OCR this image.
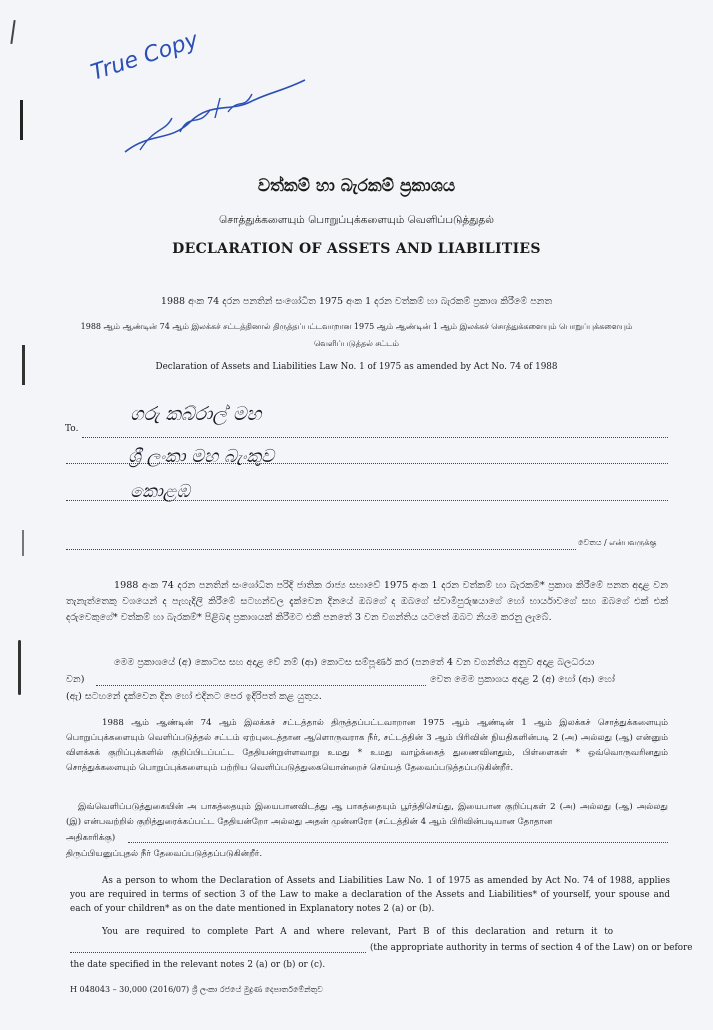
True Copy
වත්කම් හා බැරකම් ප්‍රකාශය
சொத்துக்களையும் பொறுப்புக்களையும் வெளிப்படுத்துதல்
DECLARATION OF ASSETS AND LIABILITIES
1988 අංක 74 දරන පනතින් සංශෝධිත 1975 අංක 1 දරන වත්කම් හා බැරකම් ප්‍රකාශ කිරීමේ පනත
1988 ஆம் ஆண்டின் 74 ஆம் இலக்கச் சட்டத்தினால் திருத்தப்பட்டவாறான 1975 ஆம் ஆண்டின் 1 ஆம் இலக்கச் சொத்துக்களையும் பொறுப்புக்களையும்
வெளிப்படுத்தல் சட்டம்
Declaration of Assets and Liabilities Law No. 1 of 1975 as amended by Act No. 74 of 1988
To.
ගරු කබ්රාල් මහ
ශ්‍රී ලංකා මහ බැංකුව
කොළඹ
වෙතය / என்பவருக்கு
1988 අංක 74 දරන පනතින් සංශෝධිත පරිදි ජාතික රාජ්‍ය සභාවේ 1975 අංක 1 දරන වත්කම් හා බැරකම්* ප්‍රකාශ කිරීමේ පනත අදාළ වන තැනැත්තෙකු වශයෙන් ද පැහැදිලි කිරීමේ සටහන්වල දැක්වෙන දිනයේ ඔබගේ ද ඔබගේ ස්වාමිපුරුෂයාගේ හෝ භාර්යාවගේ සහ ඔබගේ එක් එක් දරුවෙකුගේ* වත්කම් හා බැරකම්* පිළිබඳ ප්‍රකාශයක් කිරීමට එකී පනතේ 3 වන වගන්තිය යටතේ ඔබට නියම කරනු ලැබේ.
මෙම ප්‍රකාශයේ (අ) කොටස සහ අදාළ වේ නම් (ආ) කොටස සම්පූර්ණ කර (පනතේ 4 වන වගන්තිය අනුව අදාළ බලධරයා
වන)	වෙත මෙම ප්‍රකාශය අදාළ 2 (අ) හෝ (ආ) හෝ
(ඇ) සටහනේ දැක්වෙන දින හෝ එදිනට පෙර ඉදිරිපත් කළ යුතුය.
1988 ஆம் ஆண்டின் 74 ஆம் இலக்கச் சட்டத்தால் திருத்தப்பட்டவாறான 1975 ஆம் ஆண்டின் 1 ஆம் இலக்கச் சொத்துக்களையும் பொறுப்புக்களையும் வெளிப்படுத்தல் சட்டம் ஏற்புடைத்தான ஆளொருவராக நீர், சட்டத்தின் 3 ஆம் பிரிவின் நியதிகளின்படி 2 (அ) அல்லது (ஆ) என்னும் விளக்கக் குறிப்புக்களில் குறிப்பிடப்பட்ட தேதியன்றுள்ளவாறு உமது * உமது வாழ்க்கைத் துணைவினதும், பிள்ளைகள் * ஒவ்வொருவரினதும் சொத்துக்களையும் பொறுப்புக்களையும் பற்றிய வெளிப்படுத்துகையொன்றைச் செய்யத் தேவைப்படுத்தப்படுகின்றீர்.
இவ்வெளிப்படுத்துகையின் அ பாகத்தையும் இயைபானவிடத்து ஆ பாகத்தையும் பூர்த்திசெய்து, இயைபான குறிப்புகள் 2 (அ) அல்லது (ஆ) அல்லது (இ) என்பவற்றில் குறித்துரைக்கப்பட்ட தேதியன்றோ அல்லது அதன் முன்னரோ (சட்டத்தின் 4 ஆம் பிரிவின்படியான தோதான
அதிகாரிக்கு)
திருப்பியனுப்புதல் நீர் தேவைப்படுத்தப்படுகின்றீர்.
As a person to whom the Declaration of Assets and Liabilities Law No. 1 of 1975 as amended by Act No. 74 of 1988, applies you are required in terms of section 3 of the Law to make a declaration of the Assets and Liabilities* of yourself, your spouse and each of your children* as on the date mentioned in Explanatory notes 2 (a) or (b).
You are required to complete Part A and where relevant, Part B of this declaration and return it to
(the appropriate authority in terms of section 4 of the Law) on or before
the date specified in the relevant notes 2 (a) or (b) or (c).
H 048043 – 30,000 (2016/07) ශ්‍රී ලංකා රජයේ මුද්‍රණ දෙපාර්තමේන්තුව
